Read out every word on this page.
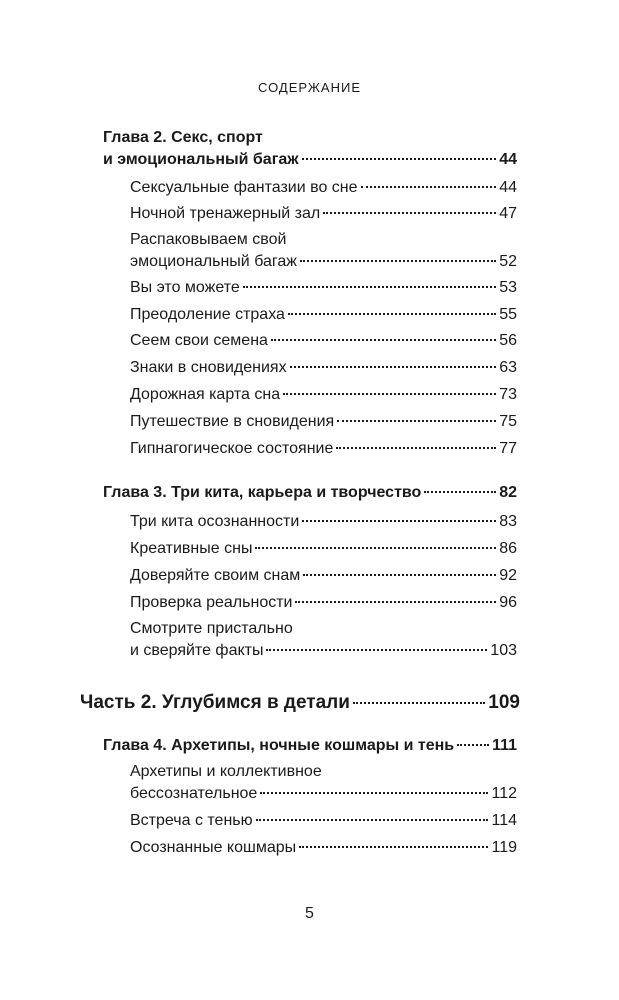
СОДЕРЖАНИЕ
Глава 2. Секс, спорт
и эмоциональный багаж	44
Сексуальные фантазии во сне	44
Ночной тренажерный зал	47
Распаковываем свой
эмоциональный багаж	52
Вы это можете	53
Преодоление страха	55
Сеем свои семена	56
Знаки в сновидениях	63
Дорожная карта сна	73
Путешествие в сновидения	75
Гипнагогическое состояние	77
Глава 3. Три кита, карьера и творчество	82
Три кита осознанности	83
Креативные сны	86
Доверяйте своим снам	92
Проверка реальности	96
Смотрите пристально
и сверяйте факты	103
Часть 2. Углубимся в детали	109
Глава 4. Архетипы, ночные кошмары и тень 111
Архетипы и коллективное
бессознательное	112
Встреча с тенью	114
Осознанные кошмары	119
5
